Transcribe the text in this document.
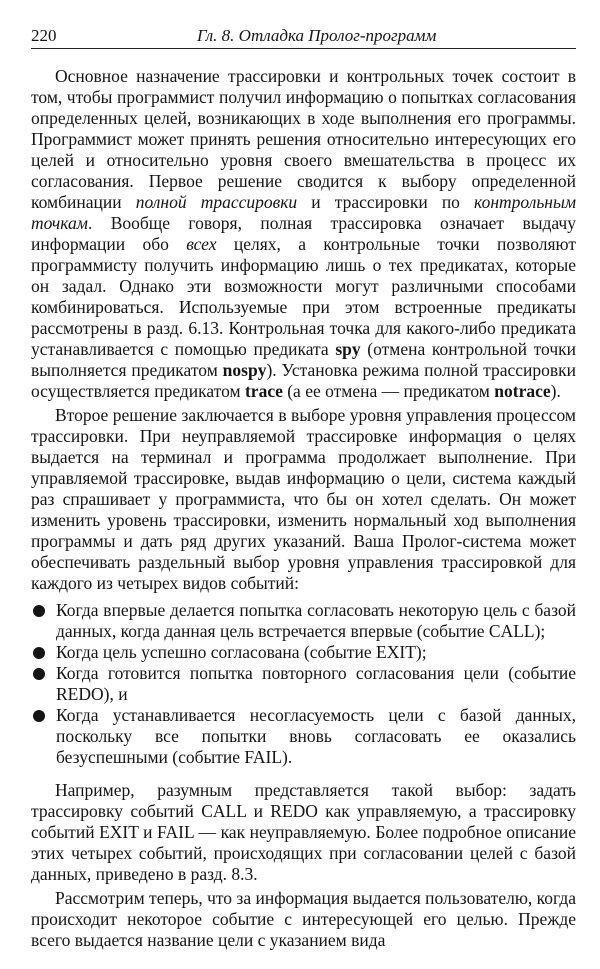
220	Гл. 8. Отладка Пролог-программ

Основное назначение трассировки и контрольных точек состоит в том, чтобы программист получил информацию о попытках согласования определенных целей, возникающих в ходе выполнения его программы. Программист может принять решения относительно интересующих его целей и относительно уровня своего вмешательства в процесс их согласования. Первое решение сводится к выбору определенной комбинации полной трассировки и трассировки по контрольным точкам. Вообще говоря, полная трассировка означает выдачу информации обо всех целях, а контрольные точки позволяют программисту получить информацию лишь о тех предикатах, которые он задал. Однако эти возможности могут различными способами комбинироваться. Используемые при этом встроенные предикаты рассмотрены в разд. 6.13. Контрольная точка для какого-либо предиката устанавливается с помощью предиката spy (отмена контрольной точки выполняется предикатом nospy). Установка режима полной трассировки осуществляется предикатом trace (а ее отмена — предикатом notrace).

Второе решение заключается в выборе уровня управления процессом трассировки. При неуправляемой трассировке информация о целях выдается на терминал и программа продолжает выполнение. При управляемой трассировке, выдав информацию о цели, система каждый раз спрашивает у программиста, что бы он хотел сделать. Он может изменить уровень трассировки, изменить нормальный ход выполнения программы и дать ряд других указаний. Ваша Пролог-система может обеспечивать раздельный выбор уровня управления трассировкой для каждого из четырех видов событий:

Когда впервые делается попытка согласовать некоторую цель с базой данных, когда данная цель встречается впервые (событие CALL);
Когда цель успешно согласована (событие EXIT);
Когда готовится попытка повторного согласования цели (событие REDO), и
Когда устанавливается несогласуемость цели с базой данных, поскольку все попытки вновь согласовать ее оказались безуспешными (событие FAIL).

Например, разумным представляется такой выбор: задать трассировку событий CALL и REDO как управляемую, а трассировку событий EXIT и FAIL — как неуправляемую. Более подробное описание этих четырех событий, происходящих при согласовании целей с базой данных, приведено в разд. 8.3.

Рассмотрим теперь, что за информация выдается пользователю, когда происходит некоторое событие с интересующей его целью. Прежде всего выдается название цели с указанием вида
